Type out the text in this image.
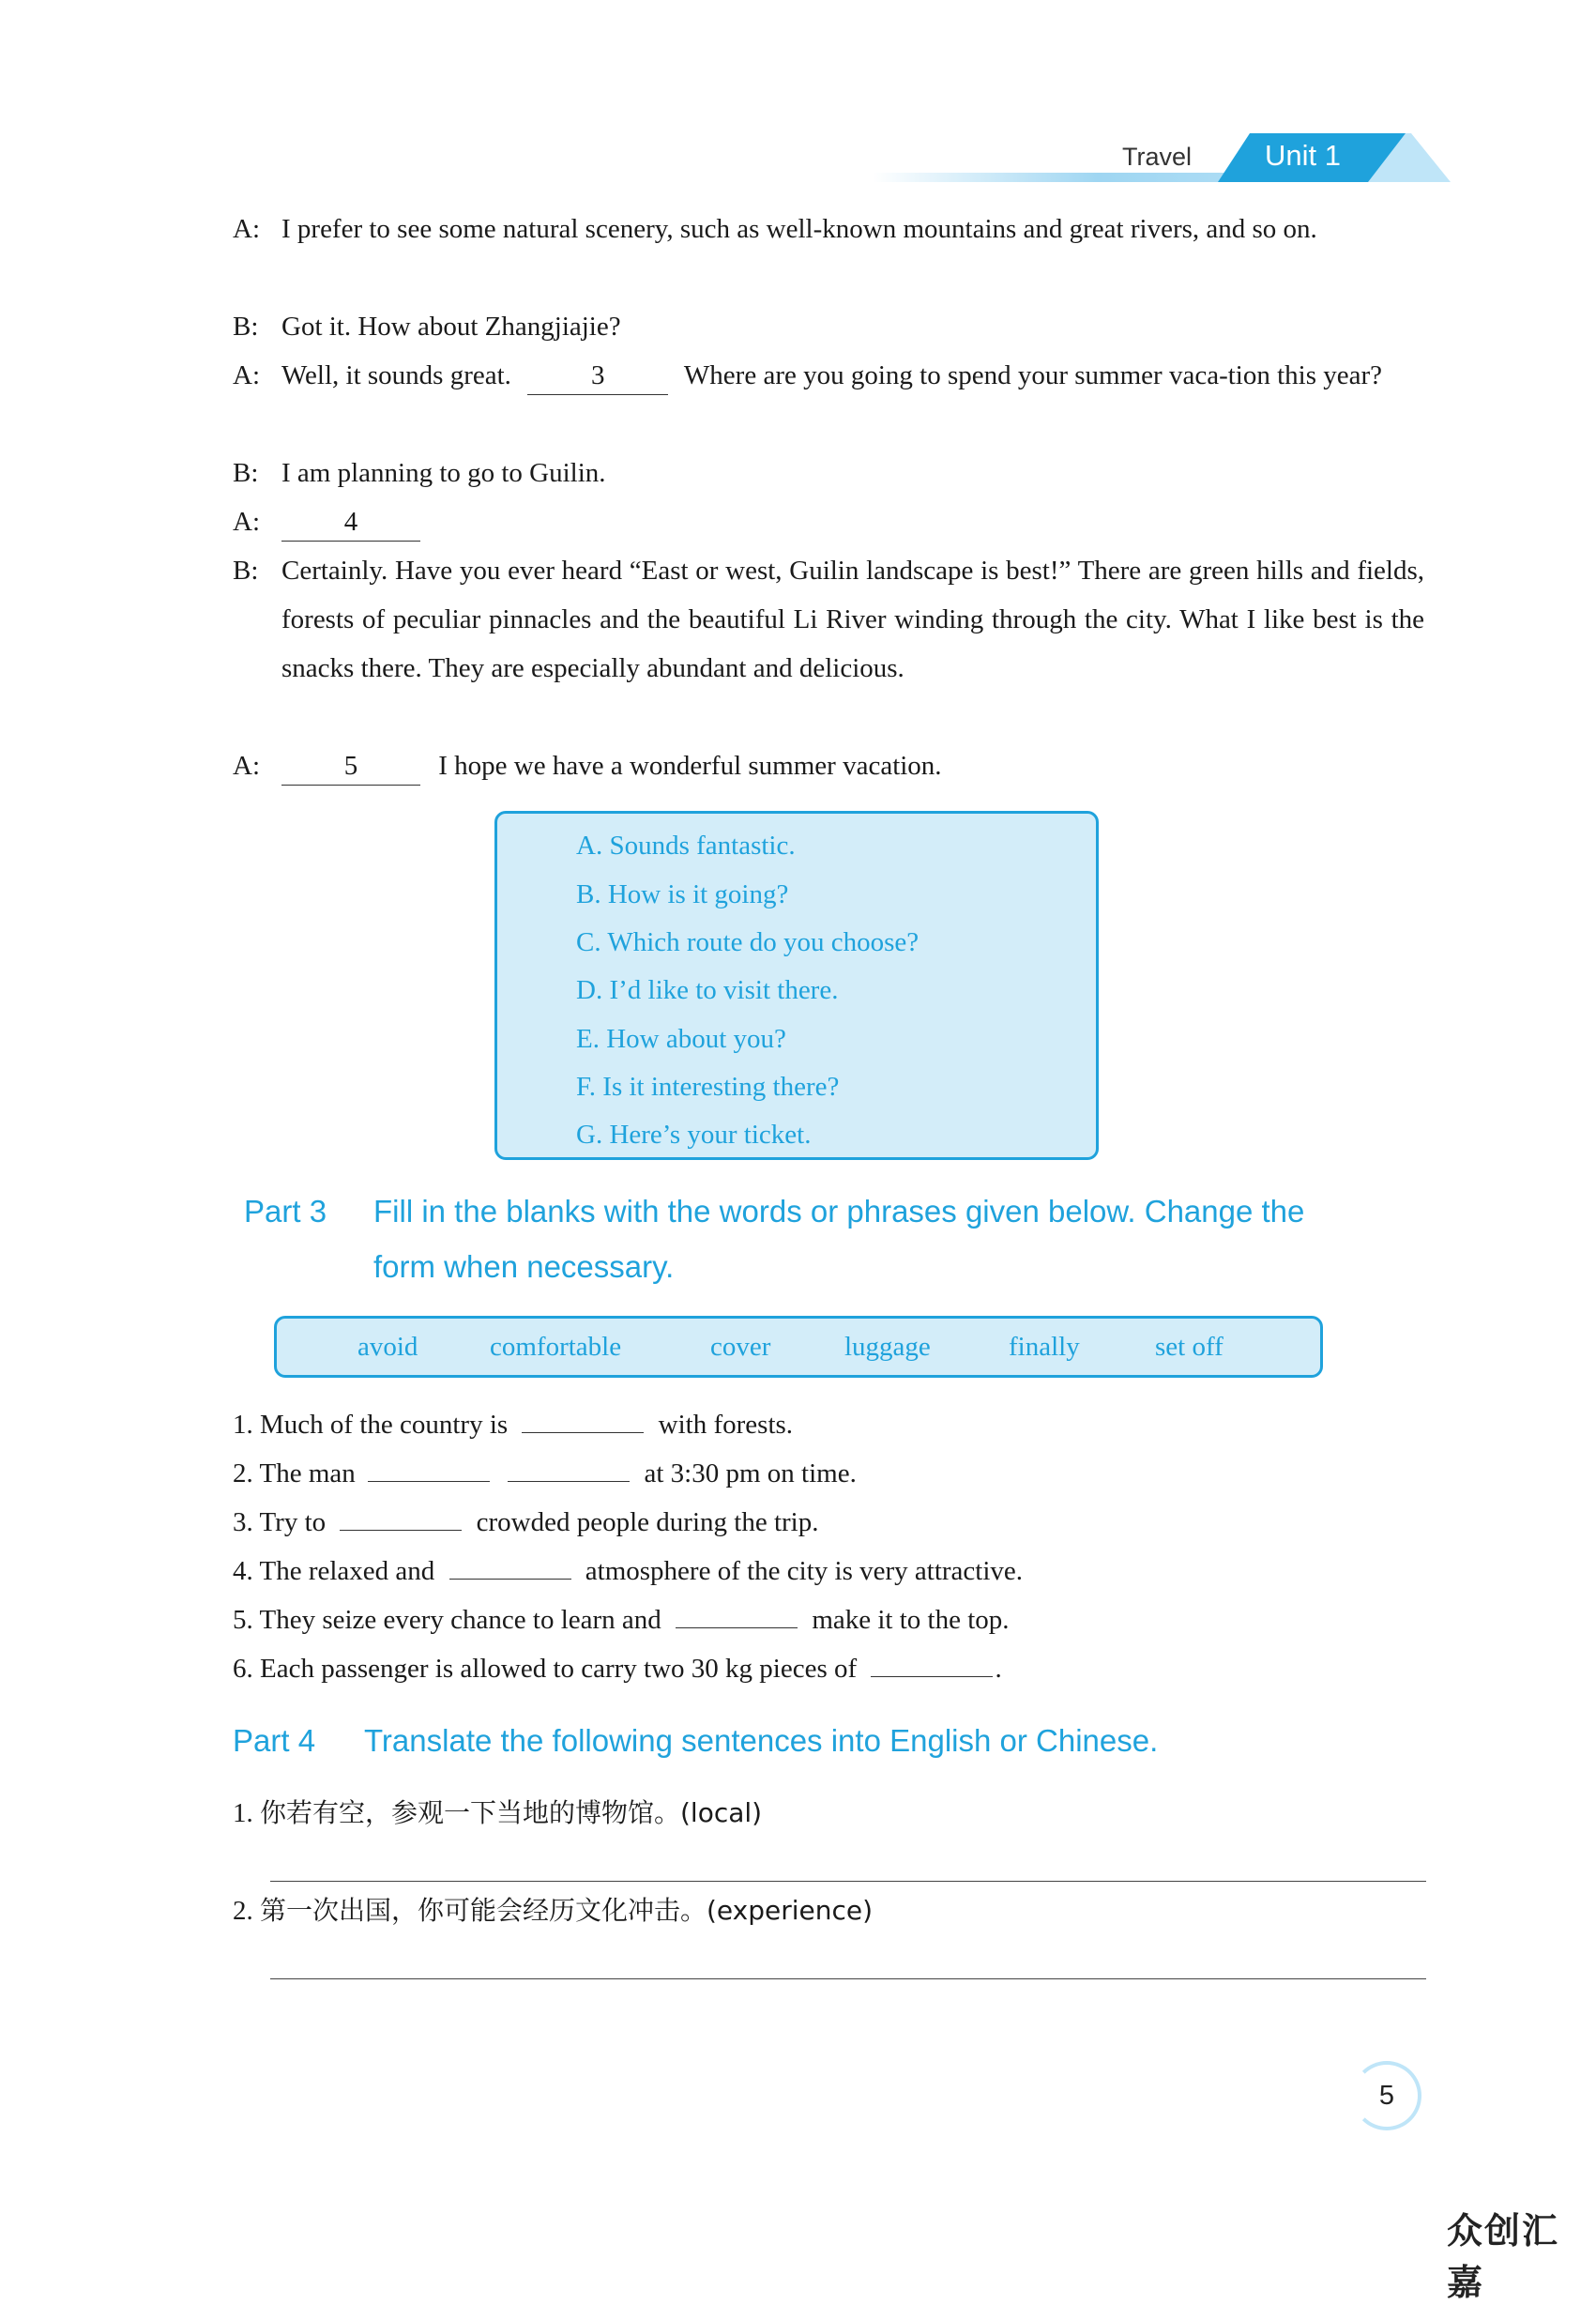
Travel	Unit 1
A: I prefer to see some natural scenery, such as well-known mountains and great rivers, and so on.
B: Got it. How about Zhangjiajie?
A: Well, it sounds great.	3	Where are you going to spend your summer vaca-tion this year?
B: I am planning to go to Guilin.
A:	4
B: Certainly. Have you ever heard “East or west, Guilin landscape is best!” There are green hills and fields, forests of peculiar pinnacles and the beautiful Li River winding through the city. What I like best is the snacks there. They are especially abundant and delicious.
A:	5	I hope we have a wonderful summer vacation.
A. Sounds fantastic.
B. How is it going?
C. Which route do you choose?
D. I’d like to visit there.
E. How about you?
F. Is it interesting there?
G. Here’s your ticket.
Part 3 Fill in the blanks with the words or phrases given below. Change the
form when necessary.
avoid	comfortable	cover	luggage	finally	set off
1. Much of the country is	with forests.
2. The man	at 3:30 pm on time.
3. Try to	crowded people during the trip.
4. The relaxed and	atmosphere of the city is very attractive.
5. They seize every chance to learn and	make it to the top.
6. Each passenger is allowed to carry two 30 kg pieces of	.
Part 4 Translate the following sentences into English or Chinese.
1. 你若有空，参观一下当地的博物馆。(local)
2. 第一次出国，你可能会经历文化冲击。(experience)
5
众创汇嘉
